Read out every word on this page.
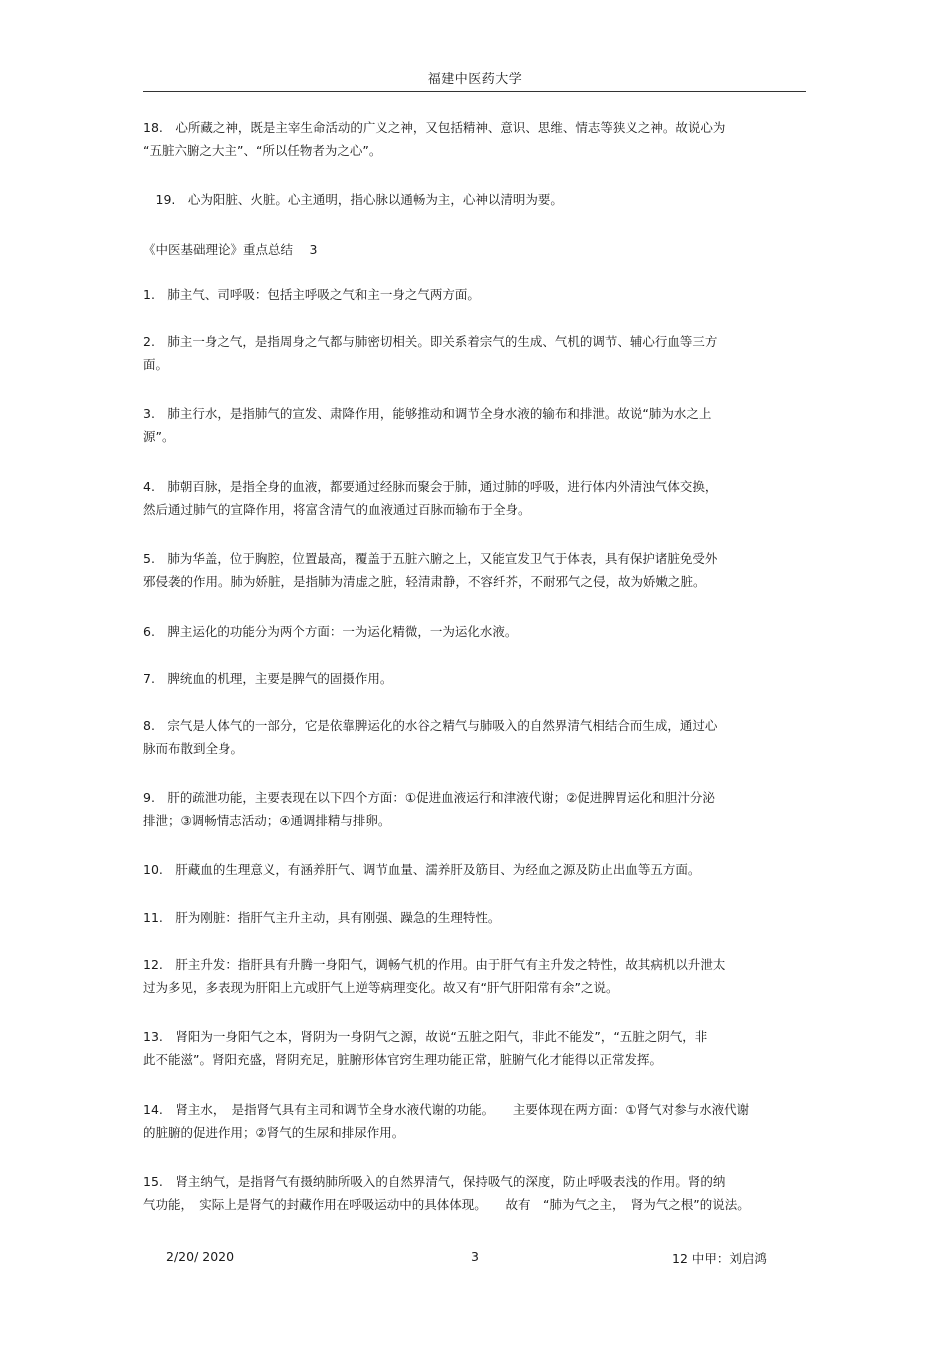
福建中医药大学

18.　心所藏之神，既是主宰生命活动的广义之神，又包括精神、意识、思维、情志等狭义之神。故说心为
“五脏六腑之大主”、“所以任物者为之心”。

　19.　心为阳脏、火脏。心主通明，指心脉以通畅为主，心神以清明为要。

《中医基础理论》重点总结　 3

1.　肺主气、司呼吸：包括主呼吸之气和主一身之气两方面。

2.　肺主一身之气，是指周身之气都与肺密切相关。即关系着宗气的生成、气机的调节、辅心行血等三方
面。

3.　肺主行水，是指肺气的宣发、肃降作用，能够推动和调节全身水液的输布和排泄。故说“肺为水之上
源”。

4.　肺朝百脉，是指全身的血液，都要通过经脉而聚会于肺，通过肺的呼吸，进行体内外清浊气体交换，
然后通过肺气的宣降作用，将富含清气的血液通过百脉而输布于全身。

5.　肺为华盖，位于胸腔，位置最高，覆盖于五脏六腑之上，又能宣发卫气于体表，具有保护诸脏免受外
邪侵袭的作用。肺为娇脏，是指肺为清虚之脏，轻清肃静，不容纤芥，不耐邪气之侵，故为娇嫩之脏。

6.　脾主运化的功能分为两个方面：一为运化精微，一为运化水液。

7.　脾统血的机理，主要是脾气的固摄作用。

8.　宗气是人体气的一部分，它是依靠脾运化的水谷之精气与肺吸入的自然界清气相结合而生成，通过心
脉而布散到全身。

9.　肝的疏泄功能，主要表现在以下四个方面：①促进血液运行和津液代谢；②促进脾胃运化和胆汁分泌
排泄；③调畅情志活动；④通调排精与排卵。

10.　肝藏血的生理意义，有涵养肝气、调节血量、濡养肝及筋目、为经血之源及防止出血等五方面。

11.　肝为刚脏：指肝气主升主动，具有刚强、躁急的生理特性。

12.　肝主升发：指肝具有升腾一身阳气，调畅气机的作用。由于肝气有主升发之特性，故其病机以升泄太
过为多见，多表现为肝阳上亢或肝气上逆等病理变化。故又有“肝气肝阳常有余”之说。

13.　肾阳为一身阳气之本，肾阴为一身阴气之源，故说“五脏之阳气，非此不能发”，“五脏之阴气，非
此不能滋”。肾阳充盛，肾阴充足，脏腑形体官窍生理功能正常，脏腑气化才能得以正常发挥。

14.　肾主水，　是指肾气具有主司和调节全身水液代谢的功能。　　主要体现在两方面：①肾气对参与水液代谢
的脏腑的促进作用；②肾气的生尿和排尿作用。

15.　肾主纳气，是指肾气有摄纳肺所吸入的自然界清气，保持吸气的深度，防止呼吸表浅的作用。肾的纳
气功能，　实际上是肾气的封藏作用在呼吸运动中的具体体现。　　故有　“肺为气之主，　肾为气之根”的说法。

2/20/ 2020	3	12 中甲：刘启鸿
